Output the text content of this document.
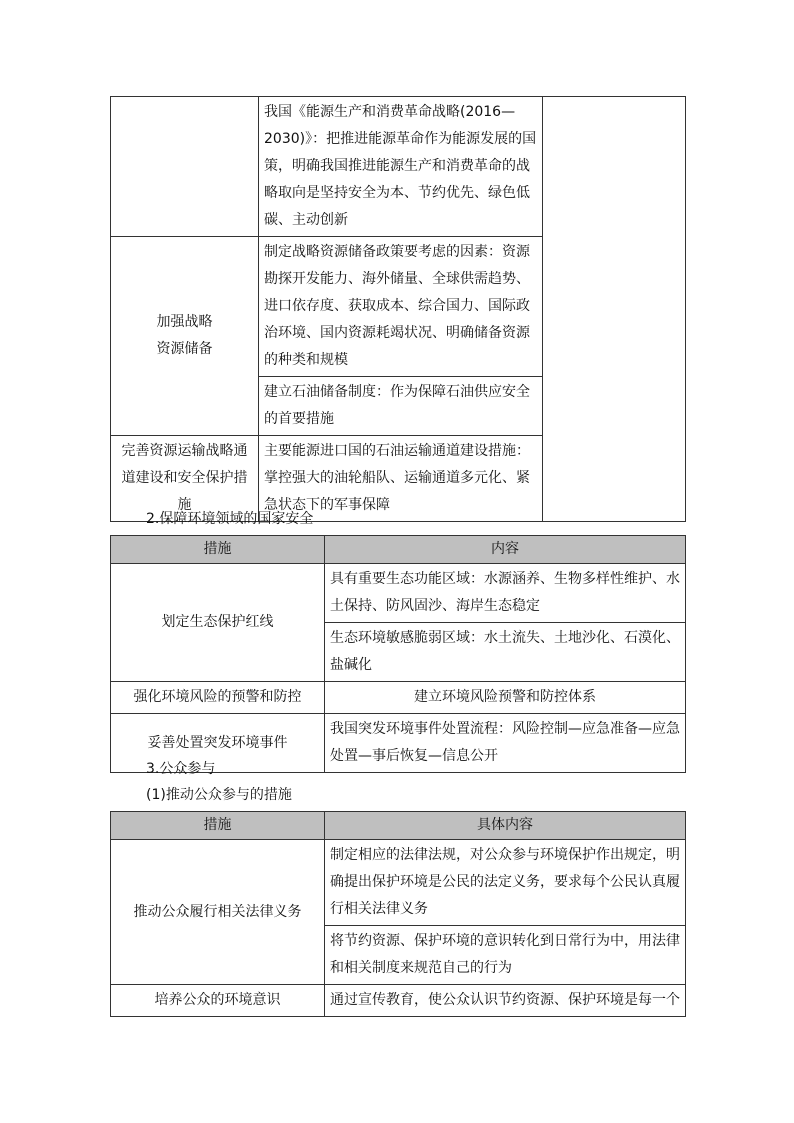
	我国《能源生产和消费革命战略(2016—2030)》：把推进能源革命作为能源发展的国策，明确我国推进能源生产和消费革命的战略取向是坚持安全为本、节约优先、绿色低碳、主动创新	

加强战略
资源储备	制定战略资源储备政策要考虑的因素：资源勘探开发能力、海外储量、全球供需趋势、进口依存度、获取成本、综合国力、国际政治环境、国内资源耗竭状况、明确储备资源的种类和规模	
	建立石油储备制度：作为保障石油供应安全的首要措施	
完善资源运输战略通道建设和安全保护措施	主要能源进口国的石油运输通道建设措施：掌控强大的油轮船队、运输通道多元化、紧急状态下的军事保障	
2.保障环境领域的国家安全
措施	内容
划定生态保护红线	具有重要生态功能区域：水源涵养、生物多样性维护、水土保持、防风固沙、海岸生态稳定
	生态环境敏感脆弱区域：水土流失、土地沙化、石漠化、盐碱化
强化环境风险的预警和防控	建立环境风险预警和防控体系
妥善处置突发环境事件	我国突发环境事件处置流程：风险控制—应急准备—应急处置—事后恢复—信息公开
3.公众参与
(1)推动公众参与的措施
措施	具体内容
推动公众履行相关法律义务	制定相应的法律法规，对公众参与环境保护作出规定，明确提出保护环境是公民的法定义务，要求每个公民认真履行相关法律义务
	将节约资源、保护环境的意识转化到日常行为中，用法律和相关制度来规范自己的行为
培养公众的环境意识	通过宣传教育，使公众认识节约资源、保护环境是每一个
